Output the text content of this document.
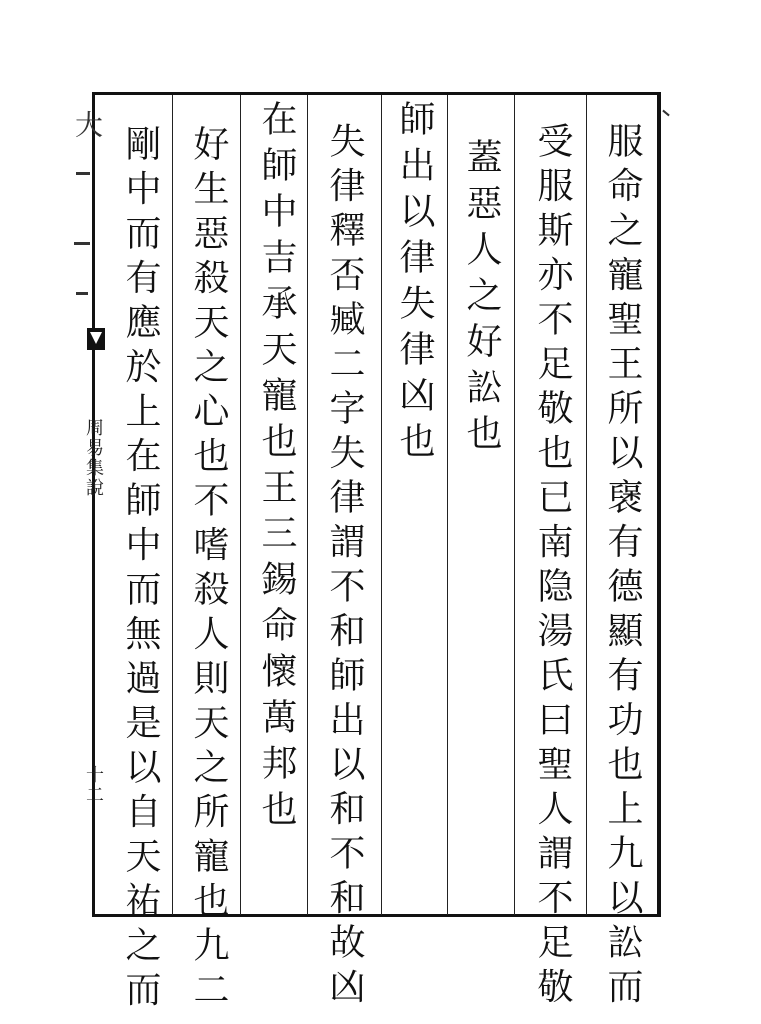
服命之寵聖王所以襃有德顯有功也上九以訟而
受服斯亦不足敬也已南隐湯氏曰聖人謂不足敬
蓋惡人之好訟也
師出以律失律凶也
失律釋否臧二字失律謂不和師出以和不和故凶
在師中吉承天寵也王三錫命懷萬邦也
好生惡殺天之心也不嗜殺人則天之所寵也九二
剛中而有應於上在師中而無過是以自天祐之而
大
周易集說
十二
